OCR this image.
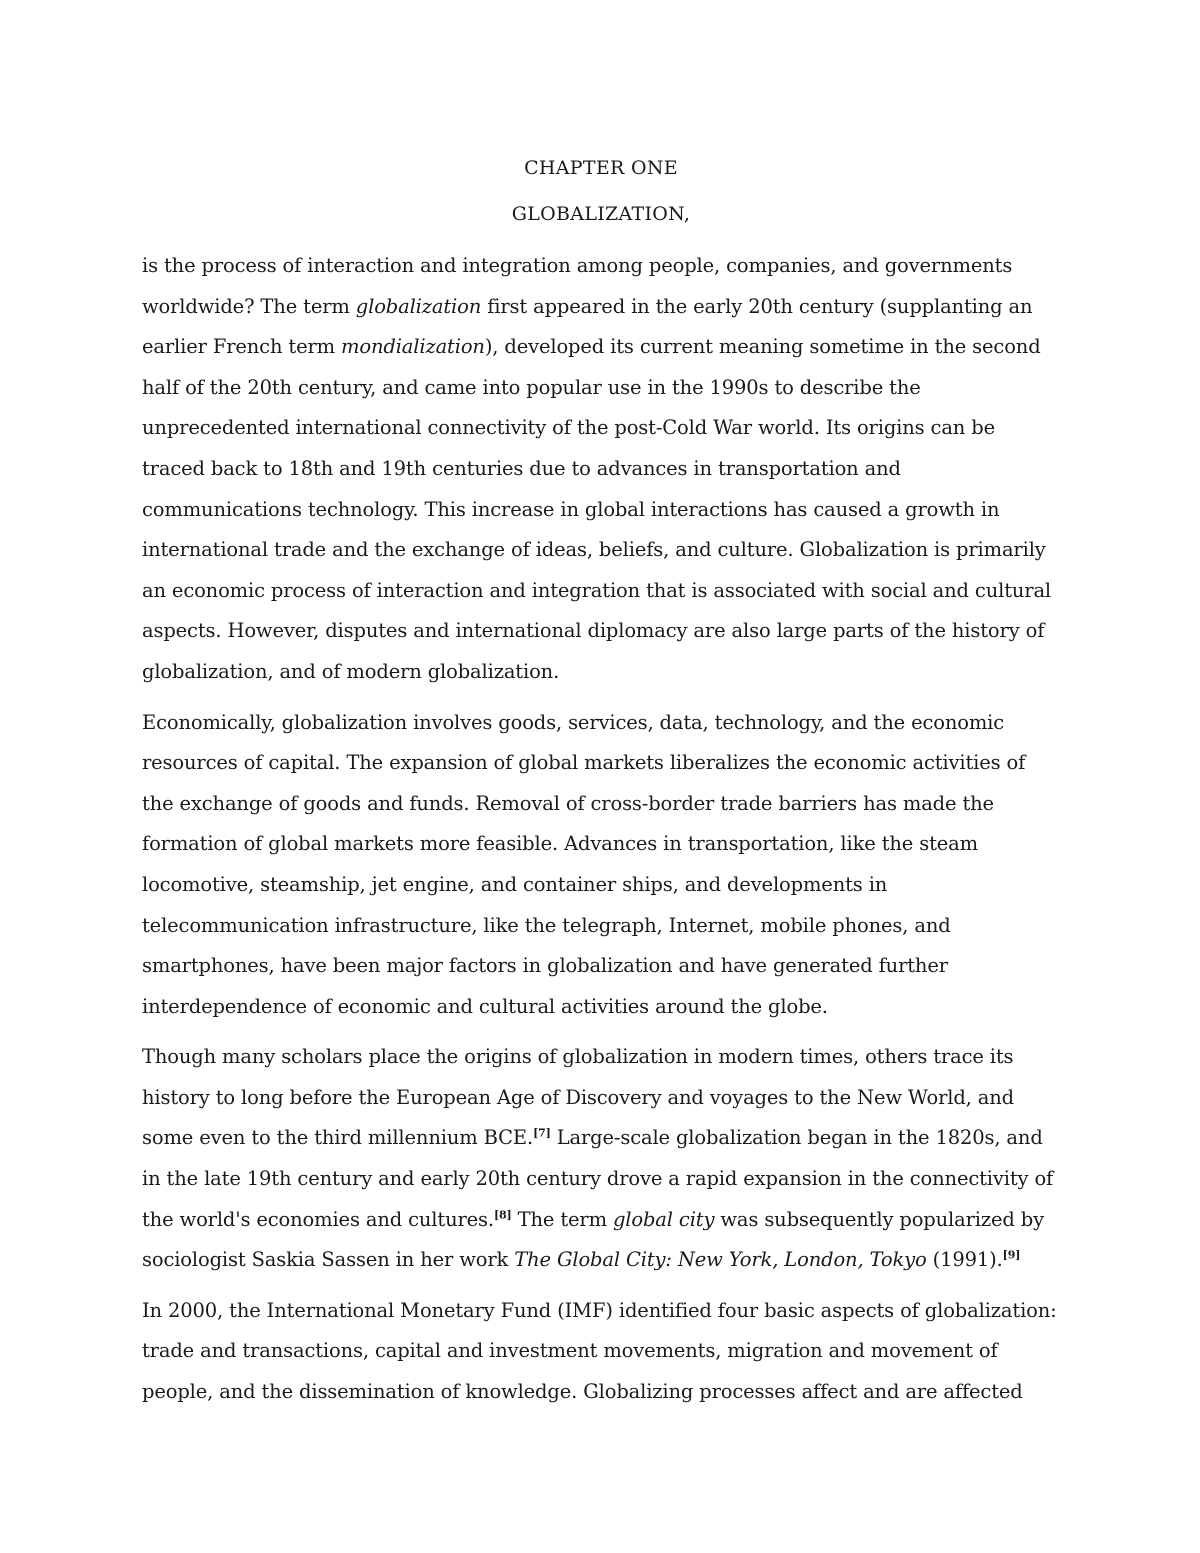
CHAPTER ONE

GLOBALIZATION,

is the process of interaction and integration among people, companies, and governments worldwide? The term globalization first appeared in the early 20th century (supplanting an earlier French term mondialization), developed its current meaning sometime in the second half of the 20th century, and came into popular use in the 1990s to describe the unprecedented international connectivity of the post-Cold War world. Its origins can be traced back to 18th and 19th centuries due to advances in transportation and communications technology. This increase in global interactions has caused a growth in international trade and the exchange of ideas, beliefs, and culture. Globalization is primarily an economic process of interaction and integration that is associated with social and cultural aspects. However, disputes and international diplomacy are also large parts of the history of globalization, and of modern globalization.

Economically, globalization involves goods, services, data, technology, and the economic resources of capital. The expansion of global markets liberalizes the economic activities of the exchange of goods and funds. Removal of cross-border trade barriers has made the formation of global markets more feasible. Advances in transportation, like the steam locomotive, steamship, jet engine, and container ships, and developments in telecommunication infrastructure, like the telegraph, Internet, mobile phones, and smartphones, have been major factors in globalization and have generated further interdependence of economic and cultural activities around the globe.

Though many scholars place the origins of globalization in modern times, others trace its history to long before the European Age of Discovery and voyages to the New World, and some even to the third millennium BCE.[7] Large-scale globalization began in the 1820s, and in the late 19th century and early 20th century drove a rapid expansion in the connectivity of the world's economies and cultures.[8] The term global city was subsequently popularized by sociologist Saskia Sassen in her work The Global City: New York, London, Tokyo (1991).[9]

In 2000, the International Monetary Fund (IMF) identified four basic aspects of globalization: trade and transactions, capital and investment movements, migration and movement of people, and the dissemination of knowledge. Globalizing processes affect and are affected
